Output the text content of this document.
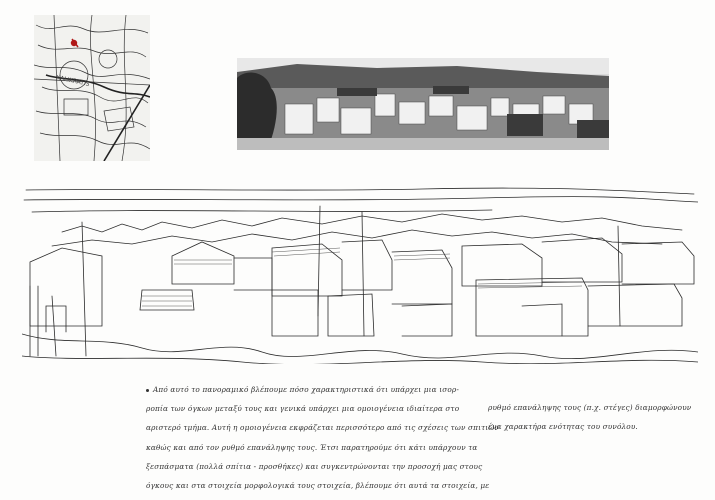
KALIKRATIS
Από αυτό το πανοραμικό βλέπουμε πόσο χαρακτηριστικά ότι υπάρχει μια ισορ-
ροπία των όγκων μεταξύ τους και γενικά υπάρχει μια ομοιογένεια ιδιαίτερα στο
αριστερό τμήμα. Αυτή η ομοιογένεια εκφράζεται περισσότερο από τις σχέσεις των σπιτιών
καθώς και από τον ρυθμό επανάληψης τους. Έτσι παρατηρούμε ότι κάτι υπάρχουν τα
ξεσπάσματα (πολλά σπίτια - προσθήκες) και συγκεντρώνονται την προσοχή μας στους
όγκους και στα στοιχεία μορφολογικά τους στοιχεία, βλέπουμε ότι αυτά τα στοιχεία, με
ρυθμό επανάληψης τους (π.χ. στέγες) διαμορφώνουν
ένα χαρακτήρα ενότητας του συνόλου.
